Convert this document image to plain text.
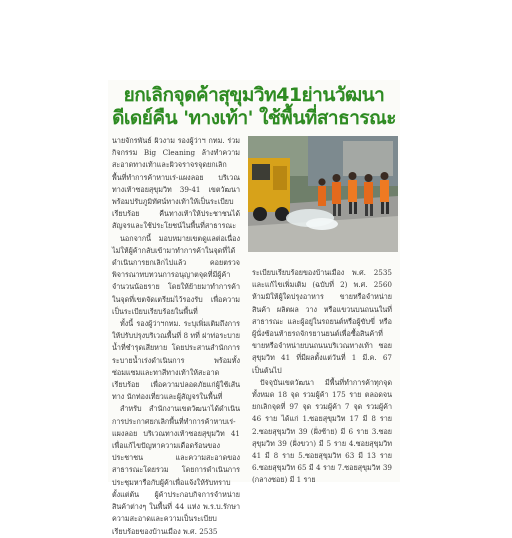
ยกเลิกจุดค้าสุขุมวิท41ย่านวัฒนา
ดีเดย์คืน 'ทางเท้า' ใช้พื้นที่สาธารณะ

นายจักรพันธ์ ผิวงาม รองผู้ว่าฯ กทม. ร่วมกิจกรรม Big Cleaning ล้างทำความสะอาดทางเท้าและผิวจราจรจุดยกเลิกพื้นที่ทำการค้าหาบเร่-แผงลอย บริเวณทางเท้าซอยสุขุมวิท 39-41 เขตวัฒนา พร้อมปรับภูมิทัศน์ทางเท้าให้เป็นระเบียบเรียบร้อย คืนทางเท้าให้ประชาชนได้สัญจรและใช้ประโยชน์ในพื้นที่สาธารณะ

นอกจากนี้ มอบหมายเขตดูแลต่อเนื่องไม่ให้ผู้ค้ากลับเข้ามาทำการค้าในจุดที่ได้ดำเนินการยกเลิกไปแล้ว คอยตรวจพิจารณาทบทวนการอนุญาตจุดที่มีผู้ค้าจำนวนน้อยราย โดยให้ย้ายมาทำการค้าในจุดที่เขตจัดเตรียมไว้รองรับ เพื่อความเป็นระเบียบเรียบร้อยในพื้นที่

ทั้งนี้ รองผู้ว่าฯกทม. ระบุเพิ่มเติมถึงการให้ปรับปรุงบริเวณพื้นที่ 8 ทที่ ฝาท่อระบายน้ำที่ชำรุดเสียหาย โดยประสานสำนักการระบายน้ำเร่งดำเนินการ พร้อมทั้งซ่อมแซมและทาสีทางเท้าให้สะอาดเรียบร้อย เพื่อความปลอดภัยแก่ผู้ใช้เส้นทาง นักท่องเที่ยวและผู้สัญจรในพื้นที่

สำหรับ สำนักงานเขตวัฒนาได้ดำเนินการประกาศยกเลิกพื้นที่ทำการค้าหาบเร่-แผงลอย บริเวณทางเท้าซอยสุขุมวิท 41 เพื่อแก้ไขปัญหาความเดือดร้อนของประชาชน และความสะอาดของสาธารณะโดยรวม โดยการดำเนินการประชุมหารือกับผู้ค้าเพื่อแจ้งให้รับทราบตั้งแต่ต้น ผู้ค้าประกอบกิจการจำหน่ายสินค้าต่างๆ ในพื้นที่ 44 แห่ง พ.ร.บ.รักษาความสะอาดและความเป็นระเบียบเรียบร้อยของบ้านเมือง พ.ศ. 2535

ระเบียบเรียบร้อยของบ้านเมือง พ.ศ. 2535 และแก้ไขเพิ่มเติม (ฉบับที่ 2) พ.ศ. 2560 ห้ามมิให้ผู้ใดปรุงอาหาร ขายหรือจำหน่ายสินค้า ผลิตผล วาง หรือแขวนบนถนนในที่สาธารณะ และผู้อยู่ในรถยนต์หรือผู้ขับขี่ หรือผู้นั่งซ้อนท้ายรถจักรยานยนต์เพื่อซื้อสินค้าที่ขายหรือจำหน่ายบนถนนบริเวณทางเท้า ซอยสุขุมวิท 41 ที่มีผลตั้งแต่วันที่ 1 มี.ค. 67 เป็นต้นไป

ปัจจุบันเขตวัฒนา มีพื้นที่ทำการค้าทุกจุดทั้งหมด 18 จุด รวมผู้ค้า 175 ราย ตลอดจนยกเลิกจุดที่ 97 จุด รวมผู้ค้า 7 จุด รวมผู้ค้า 46 ราย ได้แก่ 1.ซอยสุขุมวิท 17 มี 8 ราย 2.ซอยสุขุมวิท 39 (ฝั่งซ้าย) มี 6 ราย 3.ซอยสุขุมวิท 39 (ฝั่งขวา) มี 5 ราย 4.ซอยสุขุมวิท 41 มี 8 ราย 5.ซอยสุขุมวิท 63 มี 13 ราย 6.ซอยสุขุมวิท 65 มี 4 ราย 7.ซอยสุขุมวิท 39 (กลางซอย) มี 1 ราย
